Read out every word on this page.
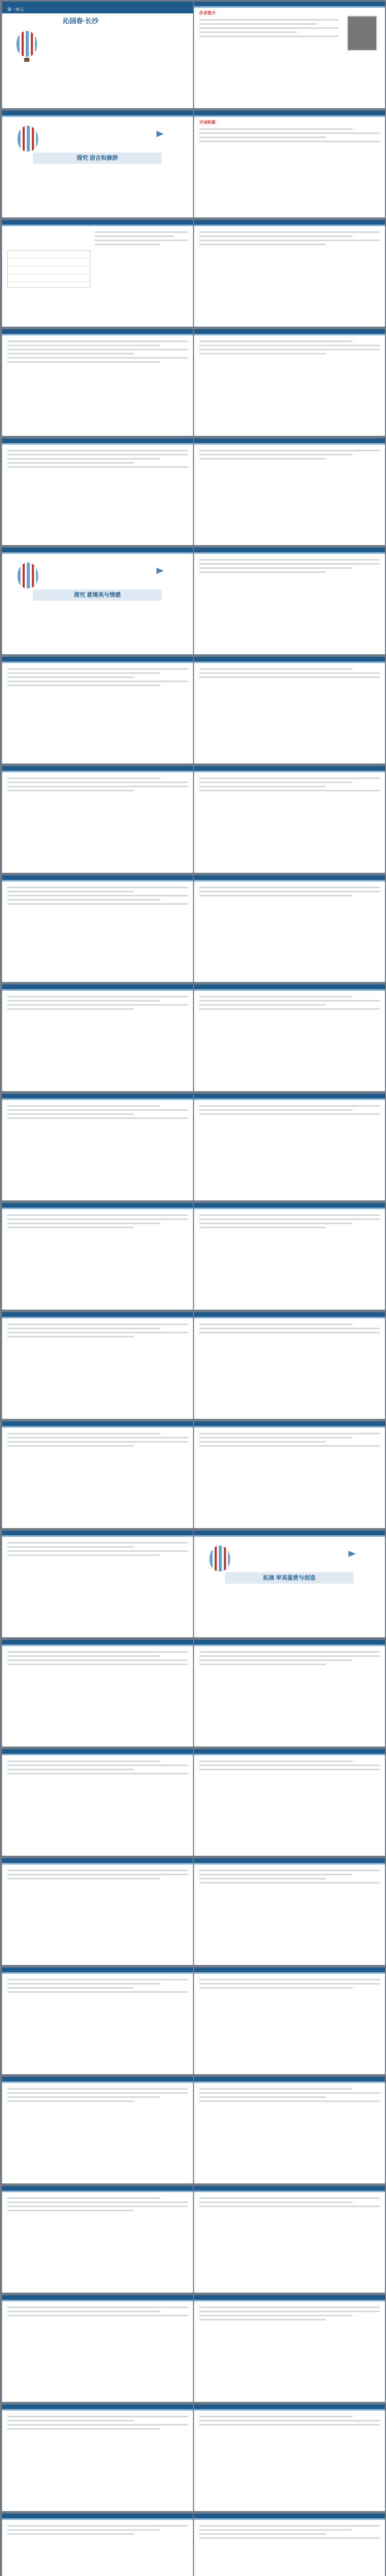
第一单元
沁园春·长沙
探究 语言和修辞
探究 意境美与情感
作者简介
字词积累
拓展 审美鉴赏与创造
